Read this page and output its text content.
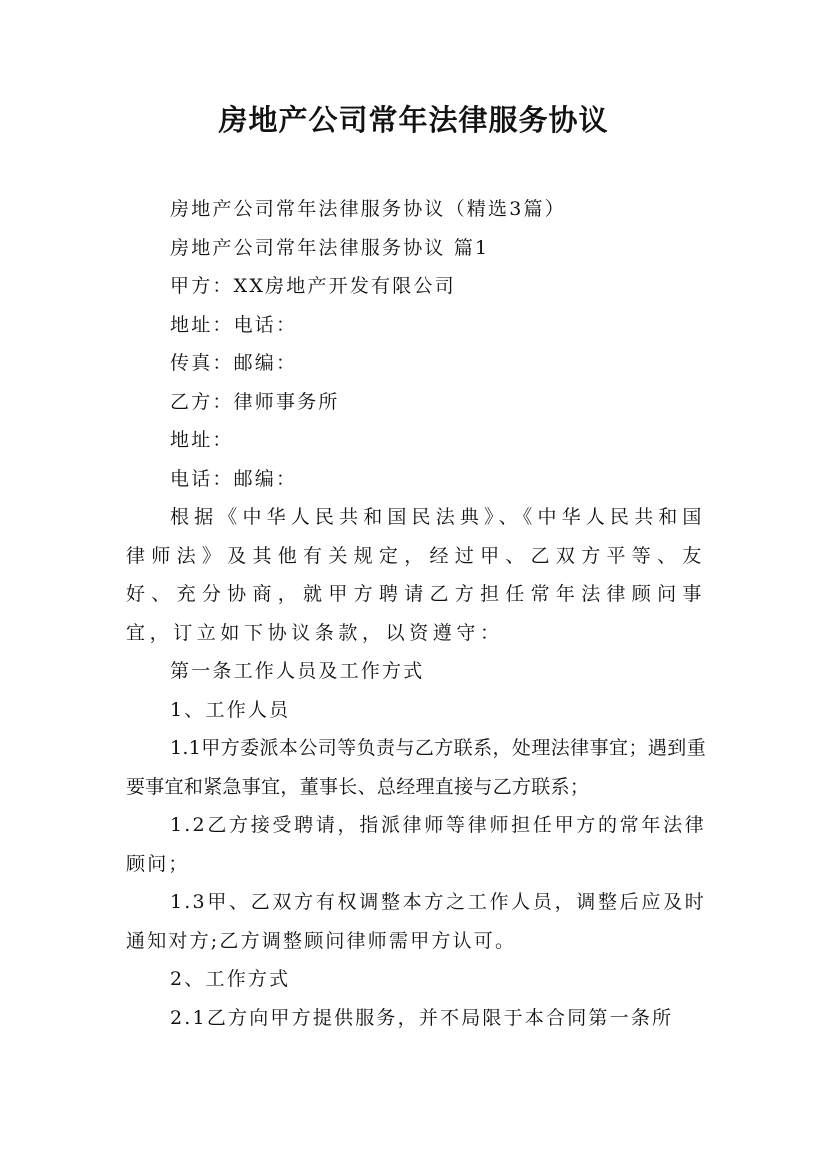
房地产公司常年法律服务协议

房地产公司常年法律服务协议（精选3篇）

房地产公司常年法律服务协议 篇1

甲方：XX房地产开发有限公司

地址：电话：

传真：邮编：

乙方：律师事务所

地址：

电话：邮编：

根据《中华人民共和国民法典》、《中华人民共和国律师法》及其他有关规定，经过甲、乙双方平等、友好、充分协商，就甲方聘请乙方担任常年法律顾问事宜，订立如下协议条款，以资遵守：

第一条工作人员及工作方式

1、工作人员

1.1甲方委派本公司等负责与乙方联系，处理法律事宜；遇到重要事宜和紧急事宜，董事长、总经理直接与乙方联系；

1.2乙方接受聘请，指派律师等律师担任甲方的常年法律顾问；

1.3甲、乙双方有权调整本方之工作人员，调整后应及时通知对方;乙方调整顾问律师需甲方认可。

2、工作方式

2.1乙方向甲方提供服务，并不局限于本合同第一条所
